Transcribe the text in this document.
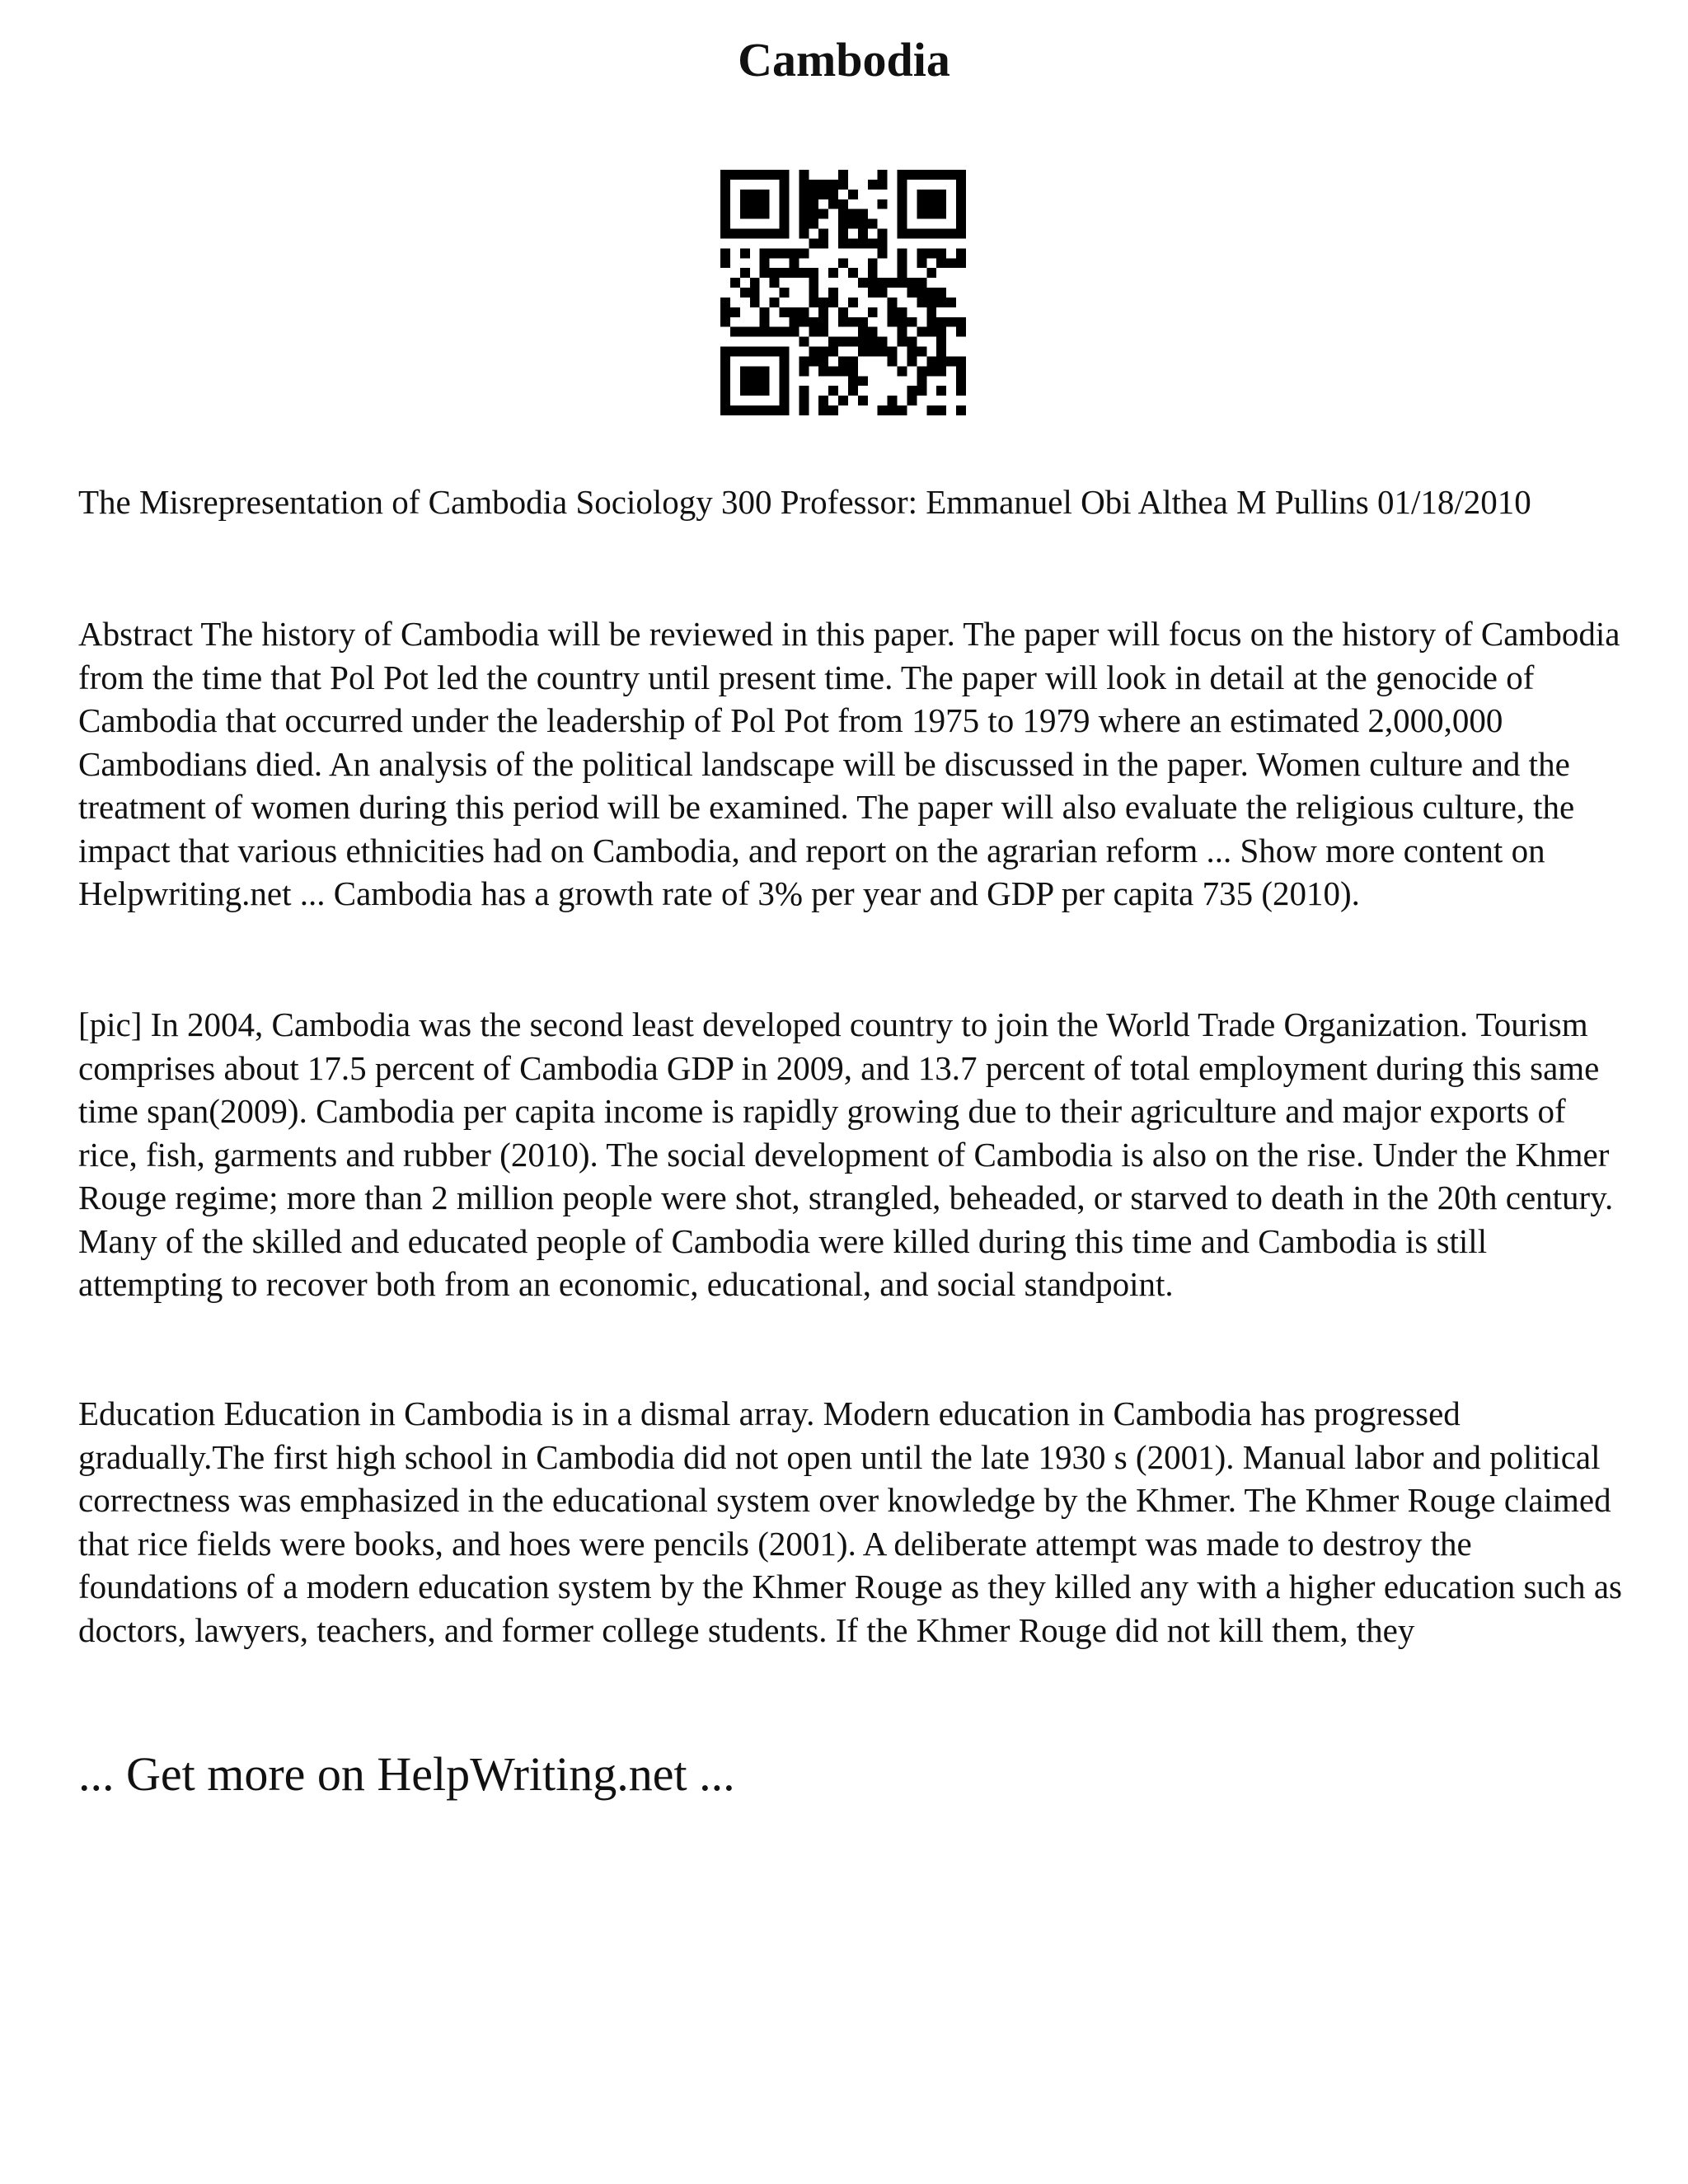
Cambodia

The Misrepresentation of Cambodia Sociology 300 Professor: Emmanuel Obi Althea M Pullins 01/18/2010

Abstract The history of Cambodia will be reviewed in this paper. The paper will focus on the history of Cambodia from the time that Pol Pot led the country until present time. The paper will look in detail at the genocide of Cambodia that occurred under the leadership of Pol Pot from 1975 to 1979 where an estimated 2,000,000 Cambodians died. An analysis of the political landscape will be discussed in the paper. Women culture and the treatment of women during this period will be examined. The paper will also evaluate the religious culture, the impact that various ethnicities had on Cambodia, and report on the agrarian reform ... Show more content on Helpwriting.net ... Cambodia has a growth rate of 3% per year and GDP per capita 735 (2010).

[pic] In 2004, Cambodia was the second least developed country to join the World Trade Organization. Tourism comprises about 17.5 percent of Cambodia GDP in 2009, and 13.7 percent of total employment during this same time span(2009). Cambodia per capita income is rapidly growing due to their agriculture and major exports of rice, fish, garments and rubber (2010). The social development of Cambodia is also on the rise. Under the Khmer Rouge regime; more than 2 million people were shot, strangled, beheaded, or starved to death in the 20th century. Many of the skilled and educated people of Cambodia were killed during this time and Cambodia is still attempting to recover both from an economic, educational, and social standpoint.

Education Education in Cambodia is in a dismal array. Modern education in Cambodia has progressed gradually.The first high school in Cambodia did not open until the late 1930 s (2001). Manual labor and political correctness was emphasized in the educational system over knowledge by the Khmer. The Khmer Rouge claimed that rice fields were books, and hoes were pencils (2001). A deliberate attempt was made to destroy the foundations of a modern education system by the Khmer Rouge as they killed any with a higher education such as doctors, lawyers, teachers, and former college students. If the Khmer Rouge did not kill them, they

... Get more on HelpWriting.net ...
